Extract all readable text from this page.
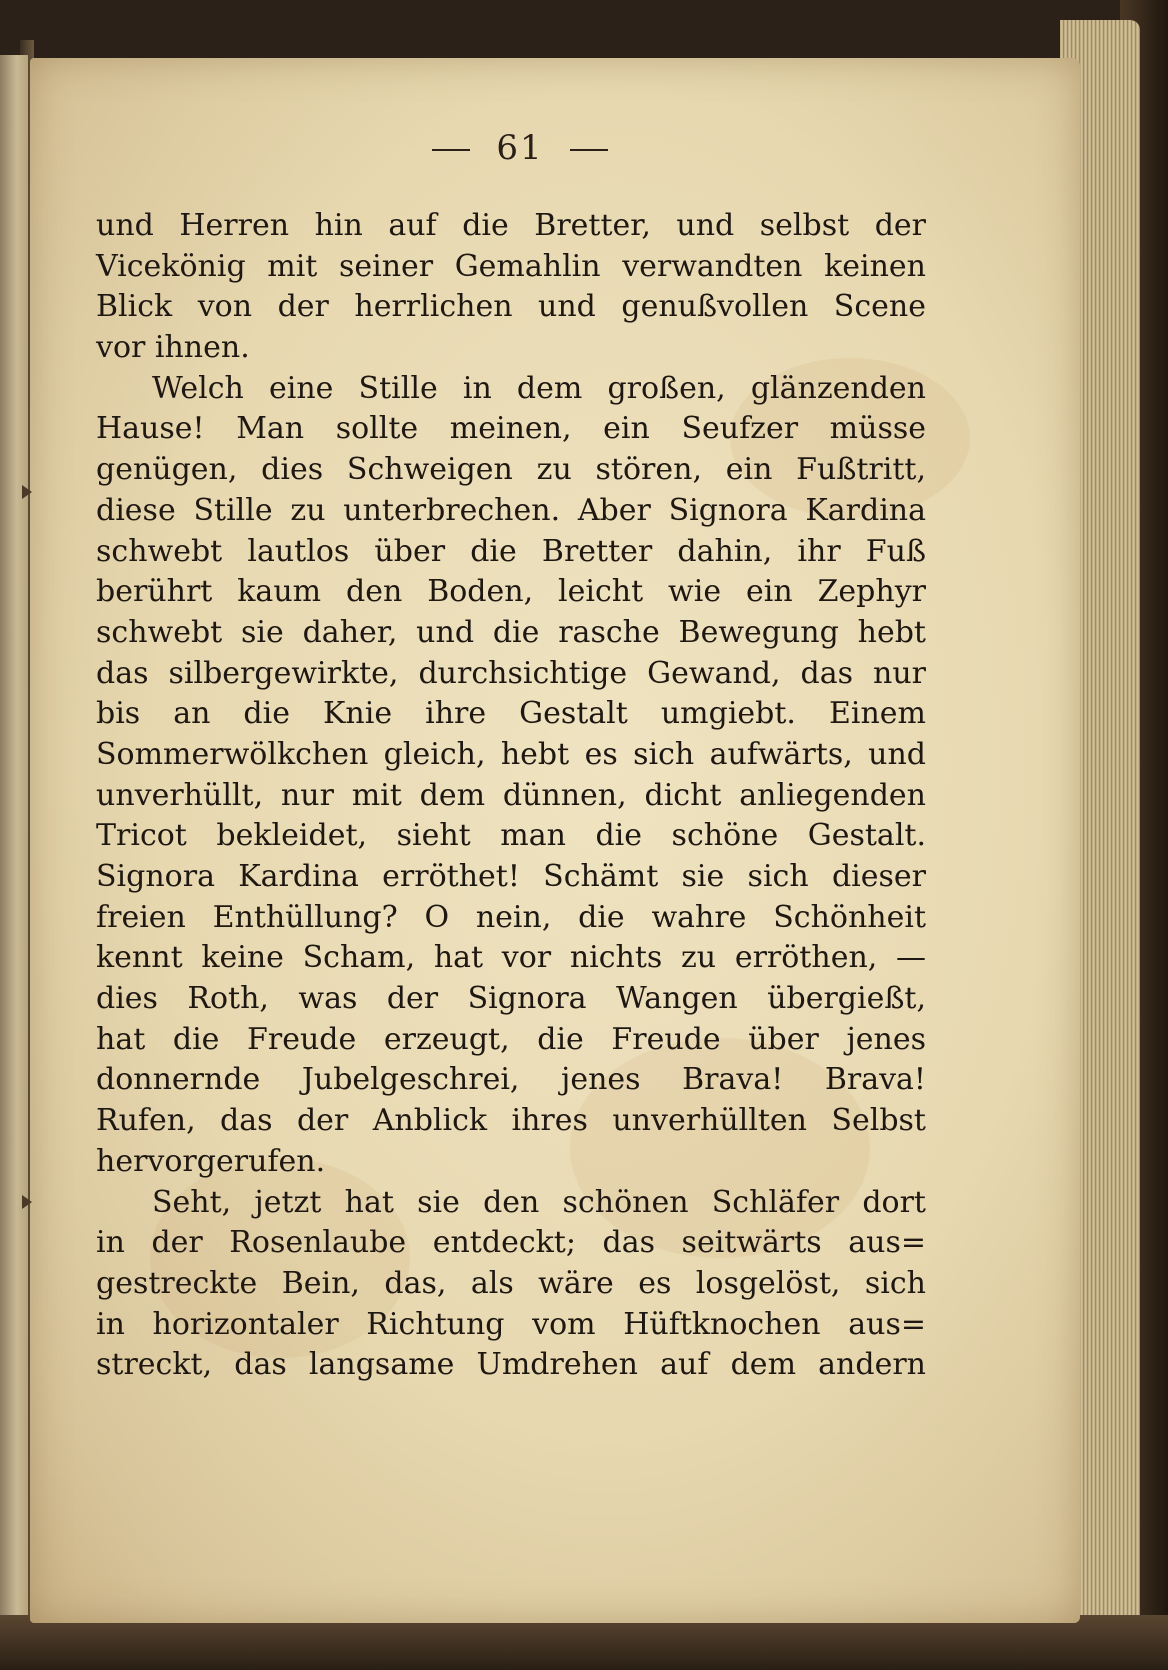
61
und Herren hin auf die Bretter, und selbst der
Vicekönig mit seiner Gemahlin verwandten keinen
Blick von der herrlichen und genußvollen Scene
vor ihnen.
Welch eine Stille in dem großen, glänzenden
Hause! Man sollte meinen, ein Seufzer müsse
genügen, dies Schweigen zu stören, ein Fußtritt,
diese Stille zu unterbrechen. Aber Signora Kardina
schwebt lautlos über die Bretter dahin, ihr Fuß
berührt kaum den Boden, leicht wie ein Zephyr
schwebt sie daher, und die rasche Bewegung hebt
das silbergewirkte, durchsichtige Gewand, das nur
bis an die Knie ihre Gestalt umgiebt. Einem
Sommerwölkchen gleich, hebt es sich aufwärts, und
unverhüllt, nur mit dem dünnen, dicht anliegenden
Tricot bekleidet, sieht man die schöne Gestalt.
Signora Kardina erröthet! Schämt sie sich dieser
freien Enthüllung? O nein, die wahre Schönheit
kennt keine Scham, hat vor nichts zu erröthen, —
dies Roth, was der Signora Wangen übergießt,
hat die Freude erzeugt, die Freude über jenes
donnernde Jubelgeschrei, jenes Brava! Brava!
Rufen, das der Anblick ihres unverhüllten Selbst
hervorgerufen.
Seht, jetzt hat sie den schönen Schläfer dort
in der Rosenlaube entdeckt; das seitwärts aus=
gestreckte Bein, das, als wäre es losgelöst, sich
in horizontaler Richtung vom Hüftknochen aus=
streckt, das langsame Umdrehen auf dem andern
